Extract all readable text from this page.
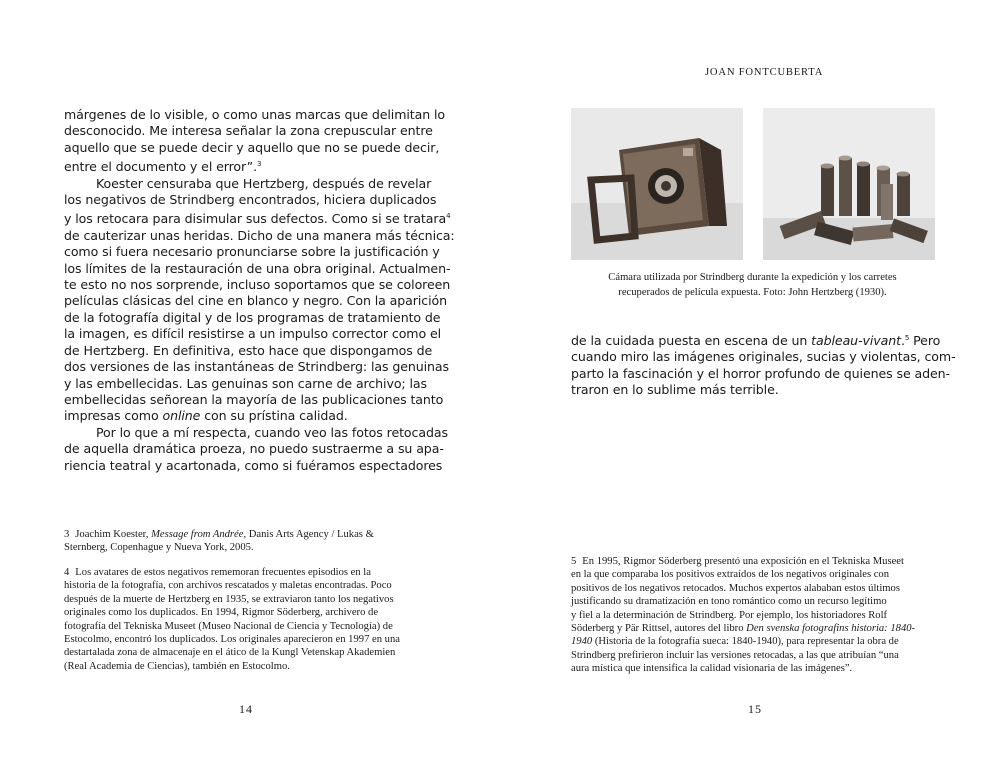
márgenes de lo visible, o como unas marcas que delimitan lo

desconocido. Me interesa señalar la zona crepuscular entre

aquello que se puede decir y aquello que no se puede decir,

entre el documento y el error”.$^3$

Koester censuraba que Hertzberg, después de revelar

los negativos de Strindberg encontrados, hiciera duplicados

y los retocara para disimular sus defectos. Como si se tratara$^4$

de cauterizar unas heridas. Dicho de una manera más técnica:

como si fuera necesario pronunciarse sobre la justificación y

los límites de la restauración de una obra original. Actualmen-

te esto no nos sorprende, incluso soportamos que se coloreen

películas clásicas del cine en blanco y negro. Con la aparición

de la fotografía digital y de los programas de tratamiento de

la imagen, es difícil resistirse a un impulso corrector como el

de Hertzberg. En definitiva, esto hace que dispongamos de

dos versiones de las instantáneas de Strindberg: las genuinas

y las embellecidas. Las genuinas son carne de archivo; las

embellecidas señorean la mayoría de las publicaciones tanto

impresas como online con su prístina calidad.

Por lo que a mí respecta, cuando veo las fotos retocadas

de aquella dramática proeza, no puedo sustraerme a su apa-

riencia teatral y acartonada, como si fuéramos espectadores

3 Joachim Koester, Message from Andrée, Danis Arts Agency / Lukas &

Sternberg, Copenhague y Nueva York, 2005.

4 Los avatares de estos negativos rememoran frecuentes episodios en la

historia de la fotografía, con archivos rescatados y maletas encontradas. Poco

después de la muerte de Hertzberg en 1935, se extraviaron tanto los negativos

originales como los duplicados. En 1994, Rigmor Söderberg, archivero de

fotografía del Tekniska Museet (Museo Nacional de Ciencia y Tecnología) de

Estocolmo, encontró los duplicados. Los originales aparecieron en 1997 en una

destartalada zona de almacenaje en el ático de la Kungl Vetenskap Akademien

(Real Academia de Ciencias), también en Estocolmo.

14
JOAN FONTCUBERTA

Cámara utilizada por Strindberg durante la expedición y los carretes

recuperados de película expuesta. Foto: John Hertzberg (1930).

de la cuidada puesta en escena de un tableau-vivant.$^5$ Pero

cuando miro las imágenes originales, sucias y violentas, com-

parto la fascinación y el horror profundo de quienes se aden-

traron en lo sublime más terrible.

5 En 1995, Rigmor Söderberg presentó una exposición en el Tekniska Museet

en la que comparaba los positivos extraídos de los negativos originales con

positivos de los negativos retocados. Muchos expertos alababan estos últimos

justificando su dramatización en tono romántico como un recurso legítimo

y fiel a la determinación de Strindberg. Por ejemplo, los historiadores Rolf

Söderberg y Pär Rittsel, autores del libro Den svenska fotografins historia: 1840-

1940 (Historia de la fotografía sueca: 1840-1940), para representar la obra de

Strindberg prefirieron incluir las versiones retocadas, a las que atribuían “una

aura mística que intensifica la calidad visionaria de las imágenes”.

15
